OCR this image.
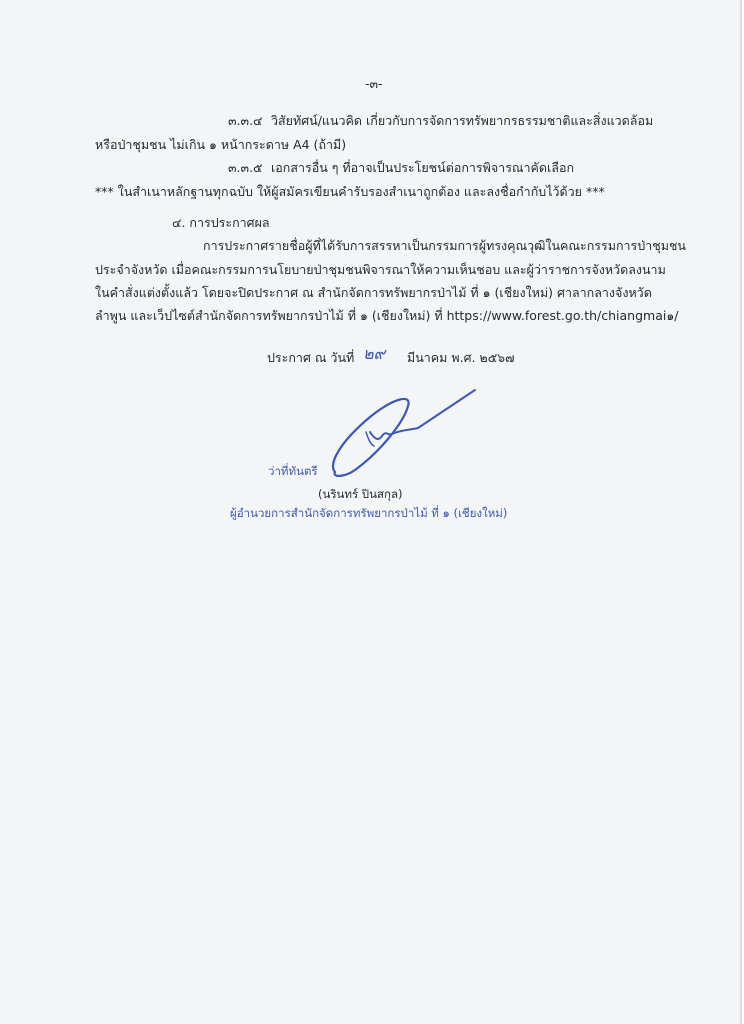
-๓-

๓.๓.๔ วิสัยทัศน์/แนวคิด เกี่ยวกับการจัดการทรัพยากรธรรมชาติและสิ่งแวดล้อม

หรือป่าชุมชน ไม่เกิน ๑ หน้ากระดาษ A4 (ถ้ามี)

๓.๓.๕ เอกสารอื่น ๆ ที่อาจเป็นประโยชน์ต่อการพิจารณาคัดเลือก

*** ในสำเนาหลักฐานทุกฉบับ ให้ผู้สมัครเขียนคำรับรองสำเนาถูกต้อง และลงชื่อกำกับไว้ด้วย ***

๔. การประกาศผล

การประกาศรายชื่อผู้ที่ได้รับการสรรหาเป็นกรรมการผู้ทรงคุณวุฒิในคณะกรรมการป่าชุมชน

ประจำจังหวัด เมื่อคณะกรรมการนโยบายป่าชุมชนพิจารณาให้ความเห็นชอบ และผู้ว่าราชการจังหวัดลงนาม

ในคำสั่งแต่งตั้งแล้ว โดยจะปิดประกาศ ณ สำนักจัดการทรัพยากรป่าไม้ ที่ ๑ (เชียงใหม่) ศาลากลางจังหวัด

ลำพูน และเว็ปไซต์สำนักจัดการทรัพยากรป่าไม้ ที่ ๑ (เชียงใหม่) ที่ https://www.forest.go.th/chiangmai๑/

ประกาศ ณ วันที่ ๒๙ มีนาคม พ.ศ. ๒๕๖๗

ว่าที่ทันตรี

(นรินทร์ ปินสกุล)

ผู้อำนวยการสำนักจัดการทรัพยากรป่าไม้ ที่ ๑ (เชียงใหม่)
